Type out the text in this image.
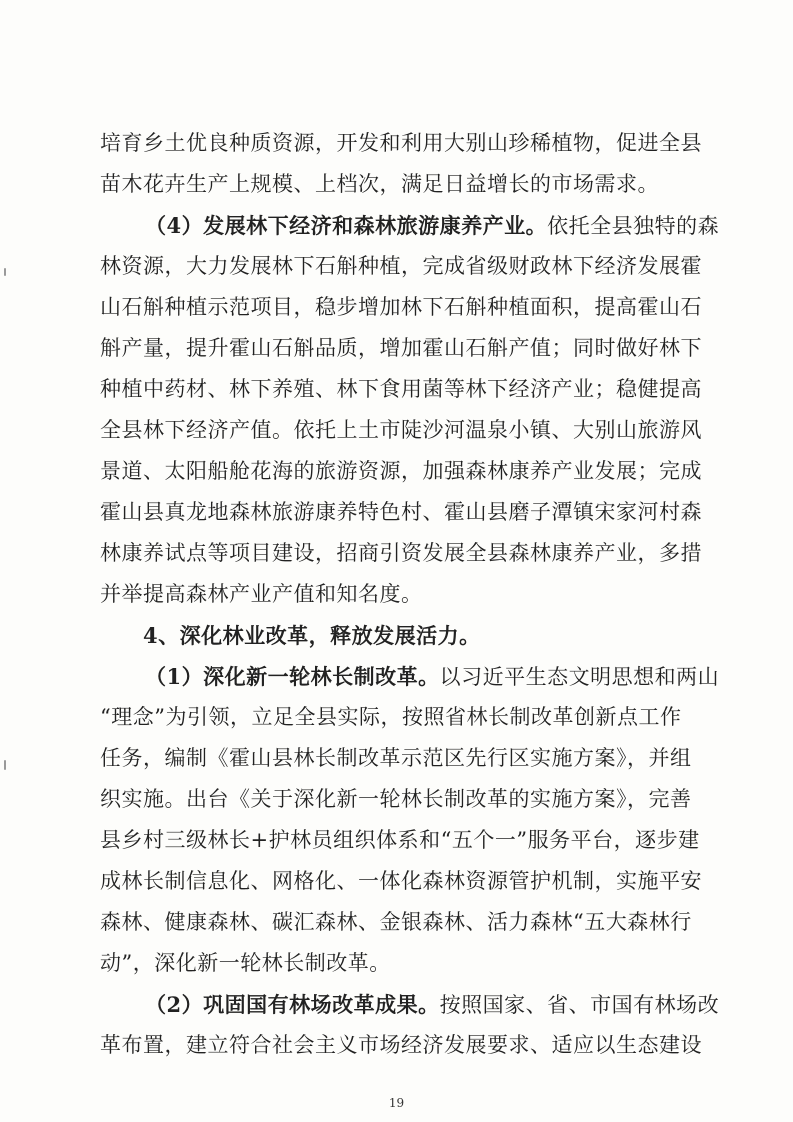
培育乡土优良种质资源，开发和利用大别山珍稀植物，促进全县
苗木花卉生产上规模、上档次，满足日益增长的市场需求。
（4）发展林下经济和森林旅游康养产业。依托全县独特的森
林资源，大力发展林下石斛种植，完成省级财政林下经济发展霍
山石斛种植示范项目，稳步增加林下石斛种植面积，提高霍山石
斛产量，提升霍山石斛品质，增加霍山石斛产值；同时做好林下
种植中药材、林下养殖、林下食用菌等林下经济产业；稳健提高
全县林下经济产值。依托上土市陡沙河温泉小镇、大别山旅游风
景道、太阳船舱花海的旅游资源，加强森林康养产业发展；完成
霍山县真龙地森林旅游康养特色村、霍山县磨子潭镇宋家河村森
林康养试点等项目建设，招商引资发展全县森林康养产业，多措
并举提高森林产业产值和知名度。
4、深化林业改革，释放发展活力。
（1）深化新一轮林长制改革。以习近平生态文明思想和两山
“理念”为引领，立足全县实际，按照省林长制改革创新点工作
任务，编制《霍山县林长制改革示范区先行区实施方案》，并组
织实施。出台《关于深化新一轮林长制改革的实施方案》，完善
县乡村三级林长+护林员组织体系和“五个一”服务平台，逐步建
成林长制信息化、网格化、一体化森林资源管护机制，实施平安
森林、健康森林、碳汇森林、金银森林、活力森林“五大森林行
动”，深化新一轮林长制改革。
（2）巩固国有林场改革成果。按照国家、省、市国有林场改
革布置，建立符合社会主义市场经济发展要求、适应以生态建设
19
